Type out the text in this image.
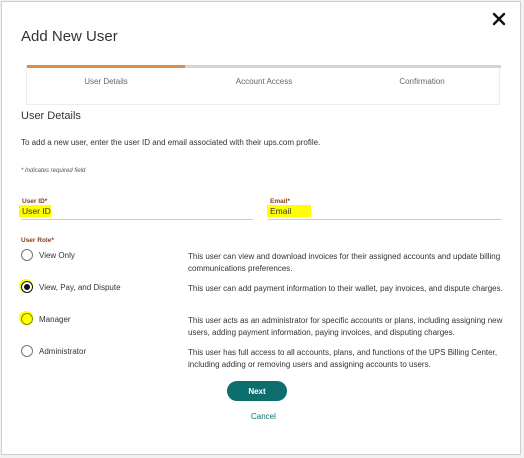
Add New User
User Details	Account Access	Confirmation
User Details
To add a new user, enter the user ID and email associated with their ups.com profile.
* Indicates required field
User ID*
User ID
Email*
Email
User Role*
View Only	This user can view and download invoices for their assigned accounts and update billing communications preferences.
View, Pay, and Dispute	This user can add payment information to their wallet, pay invoices, and dispute charges.
Manager	This user acts as an administrator for specific accounts or plans, including assigning new users, adding payment information, paying invoices, and disputing charges.
Administrator	This user has full access to all accounts, plans, and functions of the UPS Billing Center, including adding or removing users and assigning accounts to users.
Next
Cancel
